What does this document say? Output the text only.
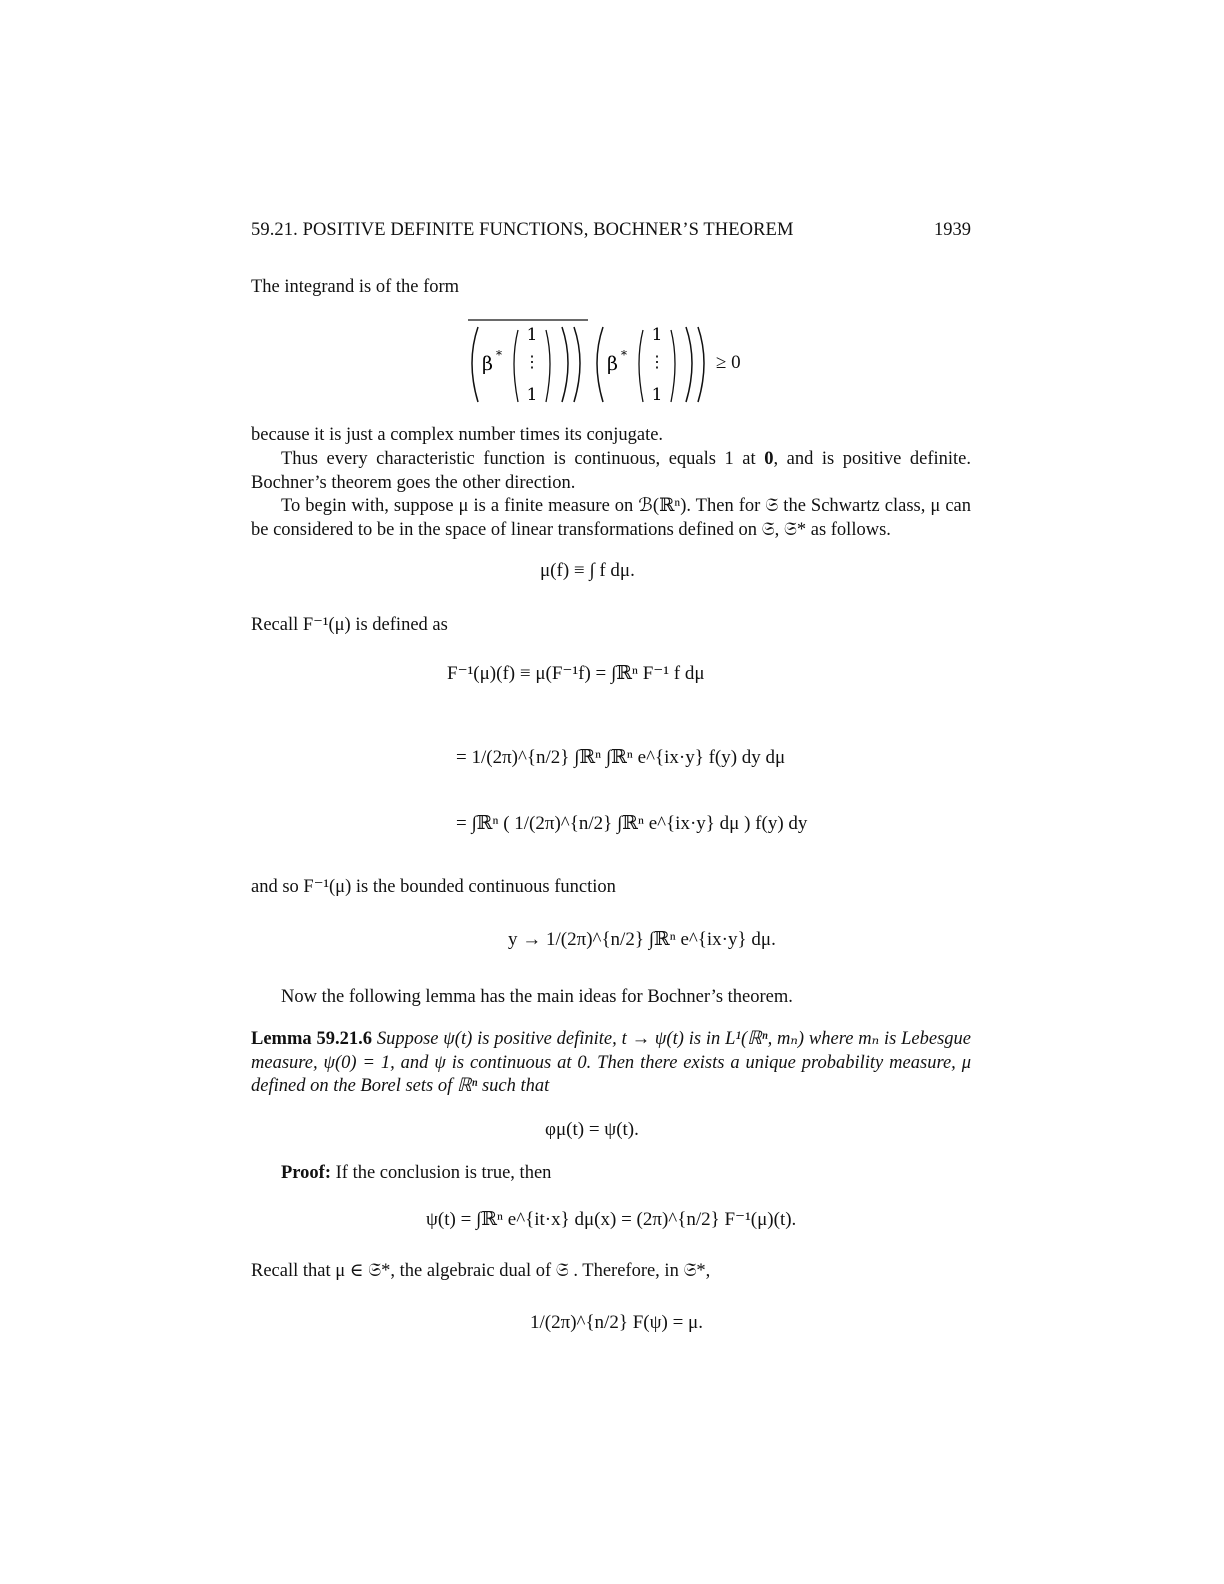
59.21. POSITIVE DEFINITE FUNCTIONS, BOCHNER’S THEOREM	1939

The integrand is of the form

β *
1
⋮
1
β *
1
⋮
1
≥ 0

because it is just a complex number times its conjugate.

Thus every characteristic function is continuous, equals 1 at 0, and is positive definite. Bochner’s theorem goes the other direction.

To begin with, suppose μ is a finite measure on ℬ(ℝⁿ). Then for 𝔖 the Schwartz class, μ can be considered to be in the space of linear transformations defined on 𝔖, 𝔖* as follows.

μ(f) ≡ ∫ f dμ.

Recall F⁻¹(μ) is defined as

F⁻¹(μ)(f) ≡ μ(F⁻¹f) = ∫ℝⁿ F⁻¹ f dμ
= 1/(2π)^{n/2} ∫ℝⁿ ∫ℝⁿ e^{ix·y} f(y) dy dμ
= ∫ℝⁿ ( 1/(2π)^{n/2} ∫ℝⁿ e^{ix·y} dμ ) f(y) dy

and so F⁻¹(μ) is the bounded continuous function

y → 1/(2π)^{n/2} ∫ℝⁿ e^{ix·y} dμ.

Now the following lemma has the main ideas for Bochner’s theorem.

Lemma 59.21.6 Suppose ψ(t) is positive definite, t → ψ(t) is in L¹(ℝⁿ, mₙ) where mₙ is Lebesgue measure, ψ(0) = 1, and ψ is continuous at 0. Then there exists a unique probability measure, μ defined on the Borel sets of ℝⁿ such that

φμ(t) = ψ(t).

Proof: If the conclusion is true, then

ψ(t) = ∫ℝⁿ e^{it·x} dμ(x) = (2π)^{n/2} F⁻¹(μ)(t).

Recall that μ ∈ 𝔖*, the algebraic dual of 𝔖 . Therefore, in 𝔖*,

1/(2π)^{n/2} F(ψ) = μ.
